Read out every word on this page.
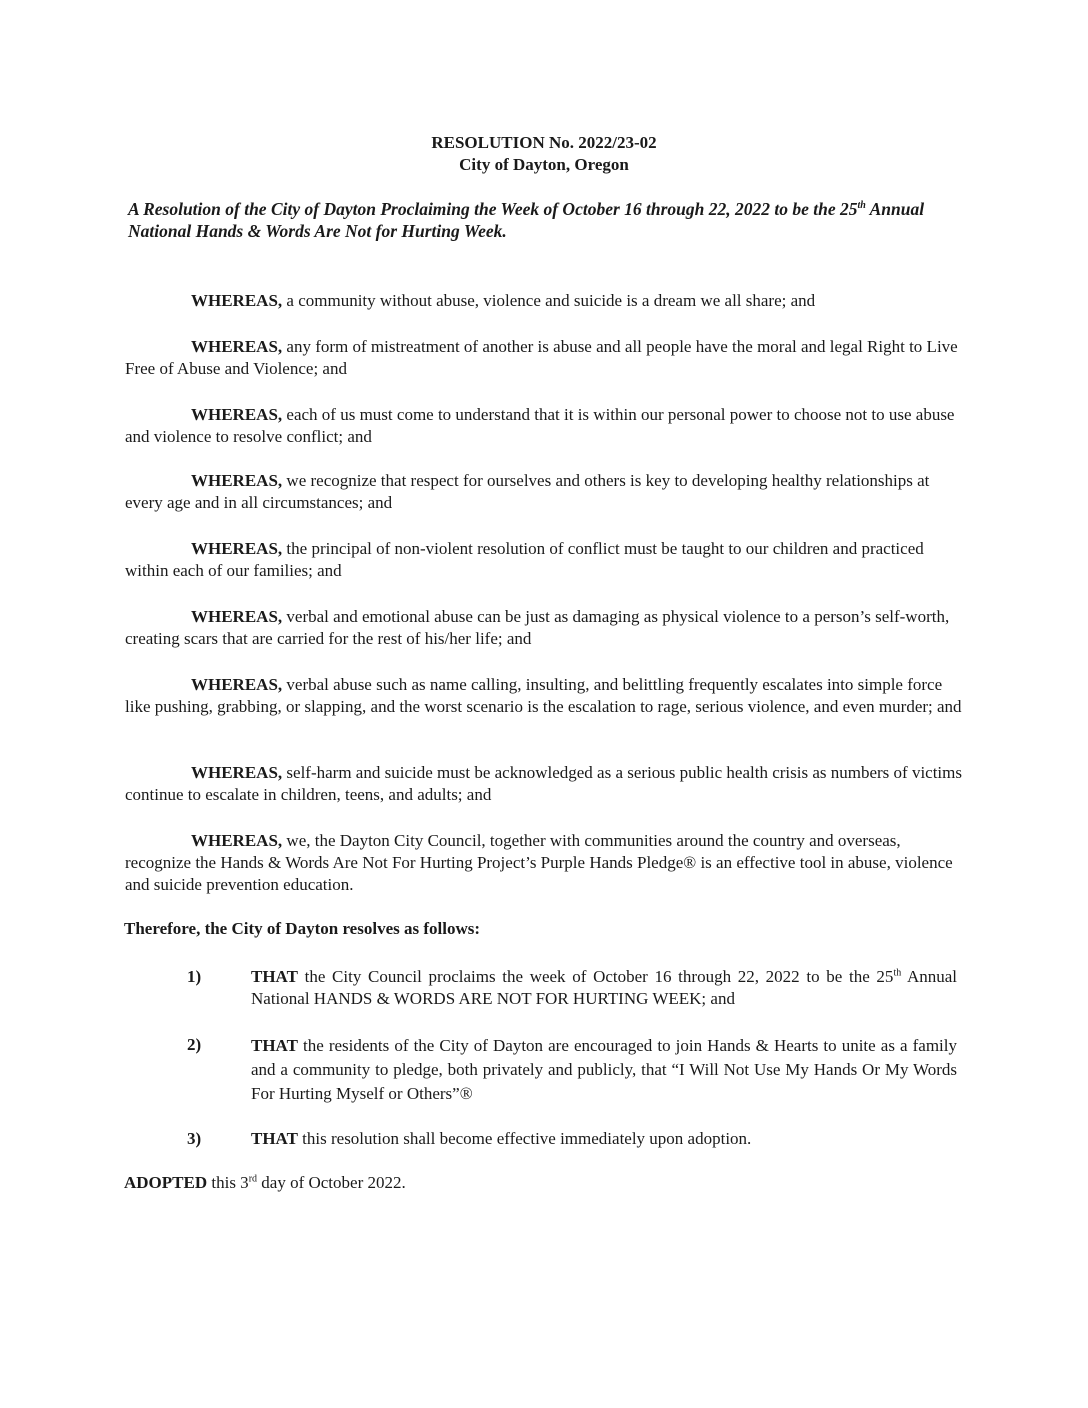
RESOLUTION No. 2022/23-02
City of Dayton, Oregon
A Resolution of the City of Dayton Proclaiming the Week of October 16 through 22, 2022 to be the 25th Annual National Hands & Words Are Not for Hurting Week.
WHEREAS, a community without abuse, violence and suicide is a dream we all share; and
WHEREAS, any form of mistreatment of another is abuse and all people have the moral and legal Right to Live Free of Abuse and Violence; and
WHEREAS, each of us must come to understand that it is within our personal power to choose not to use abuse and violence to resolve conflict; and
WHEREAS, we recognize that respect for ourselves and others is key to developing healthy relationships at every age and in all circumstances; and
WHEREAS, the principal of non-violent resolution of conflict must be taught to our children and practiced within each of our families; and
WHEREAS, verbal and emotional abuse can be just as damaging as physical violence to a person’s self-worth, creating scars that are carried for the rest of his/her life; and
WHEREAS, verbal abuse such as name calling, insulting, and belittling frequently escalates into simple force like pushing, grabbing, or slapping, and the worst scenario is the escalation to rage, serious violence, and even murder; and
WHEREAS, self-harm and suicide must be acknowledged as a serious public health crisis as numbers of victims continue to escalate in children, teens, and adults; and
WHEREAS, we, the Dayton City Council, together with communities around the country and overseas, recognize the Hands & Words Are Not For Hurting Project’s Purple Hands Pledge® is an effective tool in abuse, violence and suicide prevention education.
Therefore, the City of Dayton resolves as follows:
1)	THAT the City Council proclaims the week of October 16 through 22, 2022 to be the 25th Annual National HANDS & WORDS ARE NOT FOR HURTING WEEK; and
2)	THAT the residents of the City of Dayton are encouraged to join Hands & Hearts to unite as a family and a community to pledge, both privately and publicly, that “I Will Not Use My Hands Or My Words For Hurting Myself or Others”®
3)	THAT this resolution shall become effective immediately upon adoption.
ADOPTED this 3rd day of October 2022.
